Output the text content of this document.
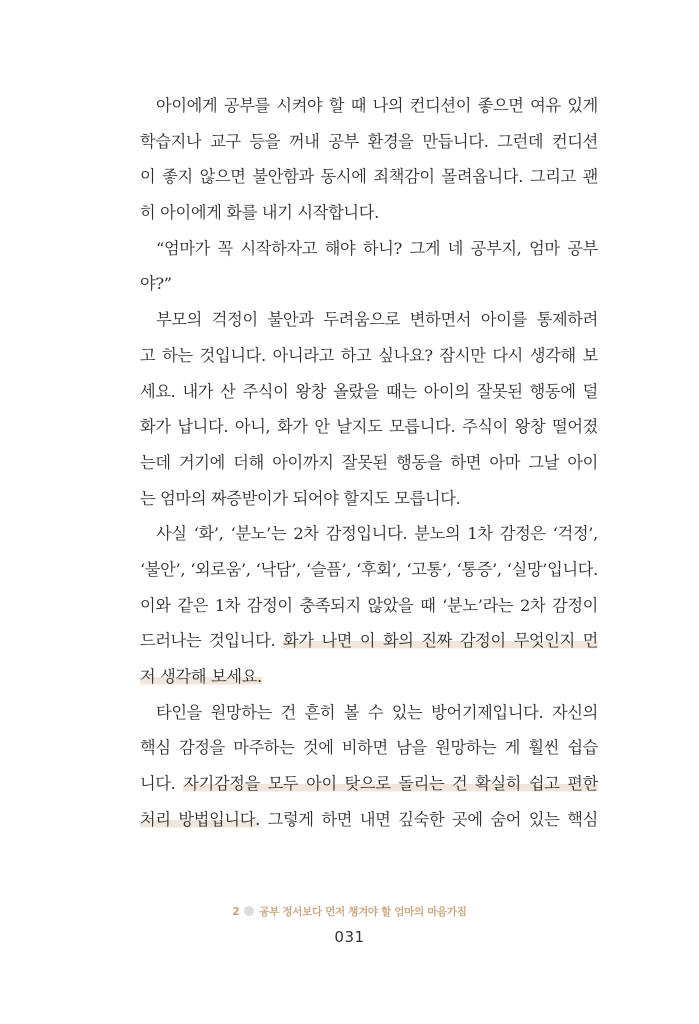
아이에게 공부를 시켜야 할 때 나의 컨디션이 좋으면 여유 있게
학습지나 교구 등을 꺼내 공부 환경을 만듭니다. 그런데 컨디션
이 좋지 않으면 불안함과 동시에 죄책감이 몰려옵니다. 그리고 괜
히 아이에게 화를 내기 시작합니다.
“엄마가 꼭 시작하자고 해야 하니? 그게 네 공부지, 엄마 공부
야?”
부모의 걱정이 불안과 두려움으로 변하면서 아이를 통제하려
고 하는 것입니다. 아니라고 하고 싶나요? 잠시만 다시 생각해 보
세요. 내가 산 주식이 왕창 올랐을 때는 아이의 잘못된 행동에 덜
화가 납니다. 아니, 화가 안 날지도 모릅니다. 주식이 왕창 떨어졌
는데 거기에 더해 아이까지 잘못된 행동을 하면 아마 그날 아이
는 엄마의 짜증받이가 되어야 할지도 모릅니다.
사실 ‘화’, ‘분노’는 2차 감정입니다. 분노의 1차 감정은 ‘걱정’,
‘불안’, ‘외로움’, ‘낙담’, ‘슬픔’, ‘후회’, ‘고통’, ‘통증’, ‘실망’입니다.
이와 같은 1차 감정이 충족되지 않았을 때 ‘분노’라는 2차 감정이
드러나는 것입니다. 화가 나면 이 화의 진짜 감정이 무엇인지 먼
저 생각해 보세요.
타인을 원망하는 건 흔히 볼 수 있는 방어기제입니다. 자신의
핵심 감정을 마주하는 것에 비하면 남을 원망하는 게 훨씬 쉽습
니다. 자기감정을 모두 아이 탓으로 돌리는 건 확실히 쉽고 편한
처리 방법입니다. 그렇게 하면 내면 깊숙한 곳에 숨어 있는 핵심
2 공부 정서보다 먼저 챙겨야 할 엄마의 마음가짐
031
